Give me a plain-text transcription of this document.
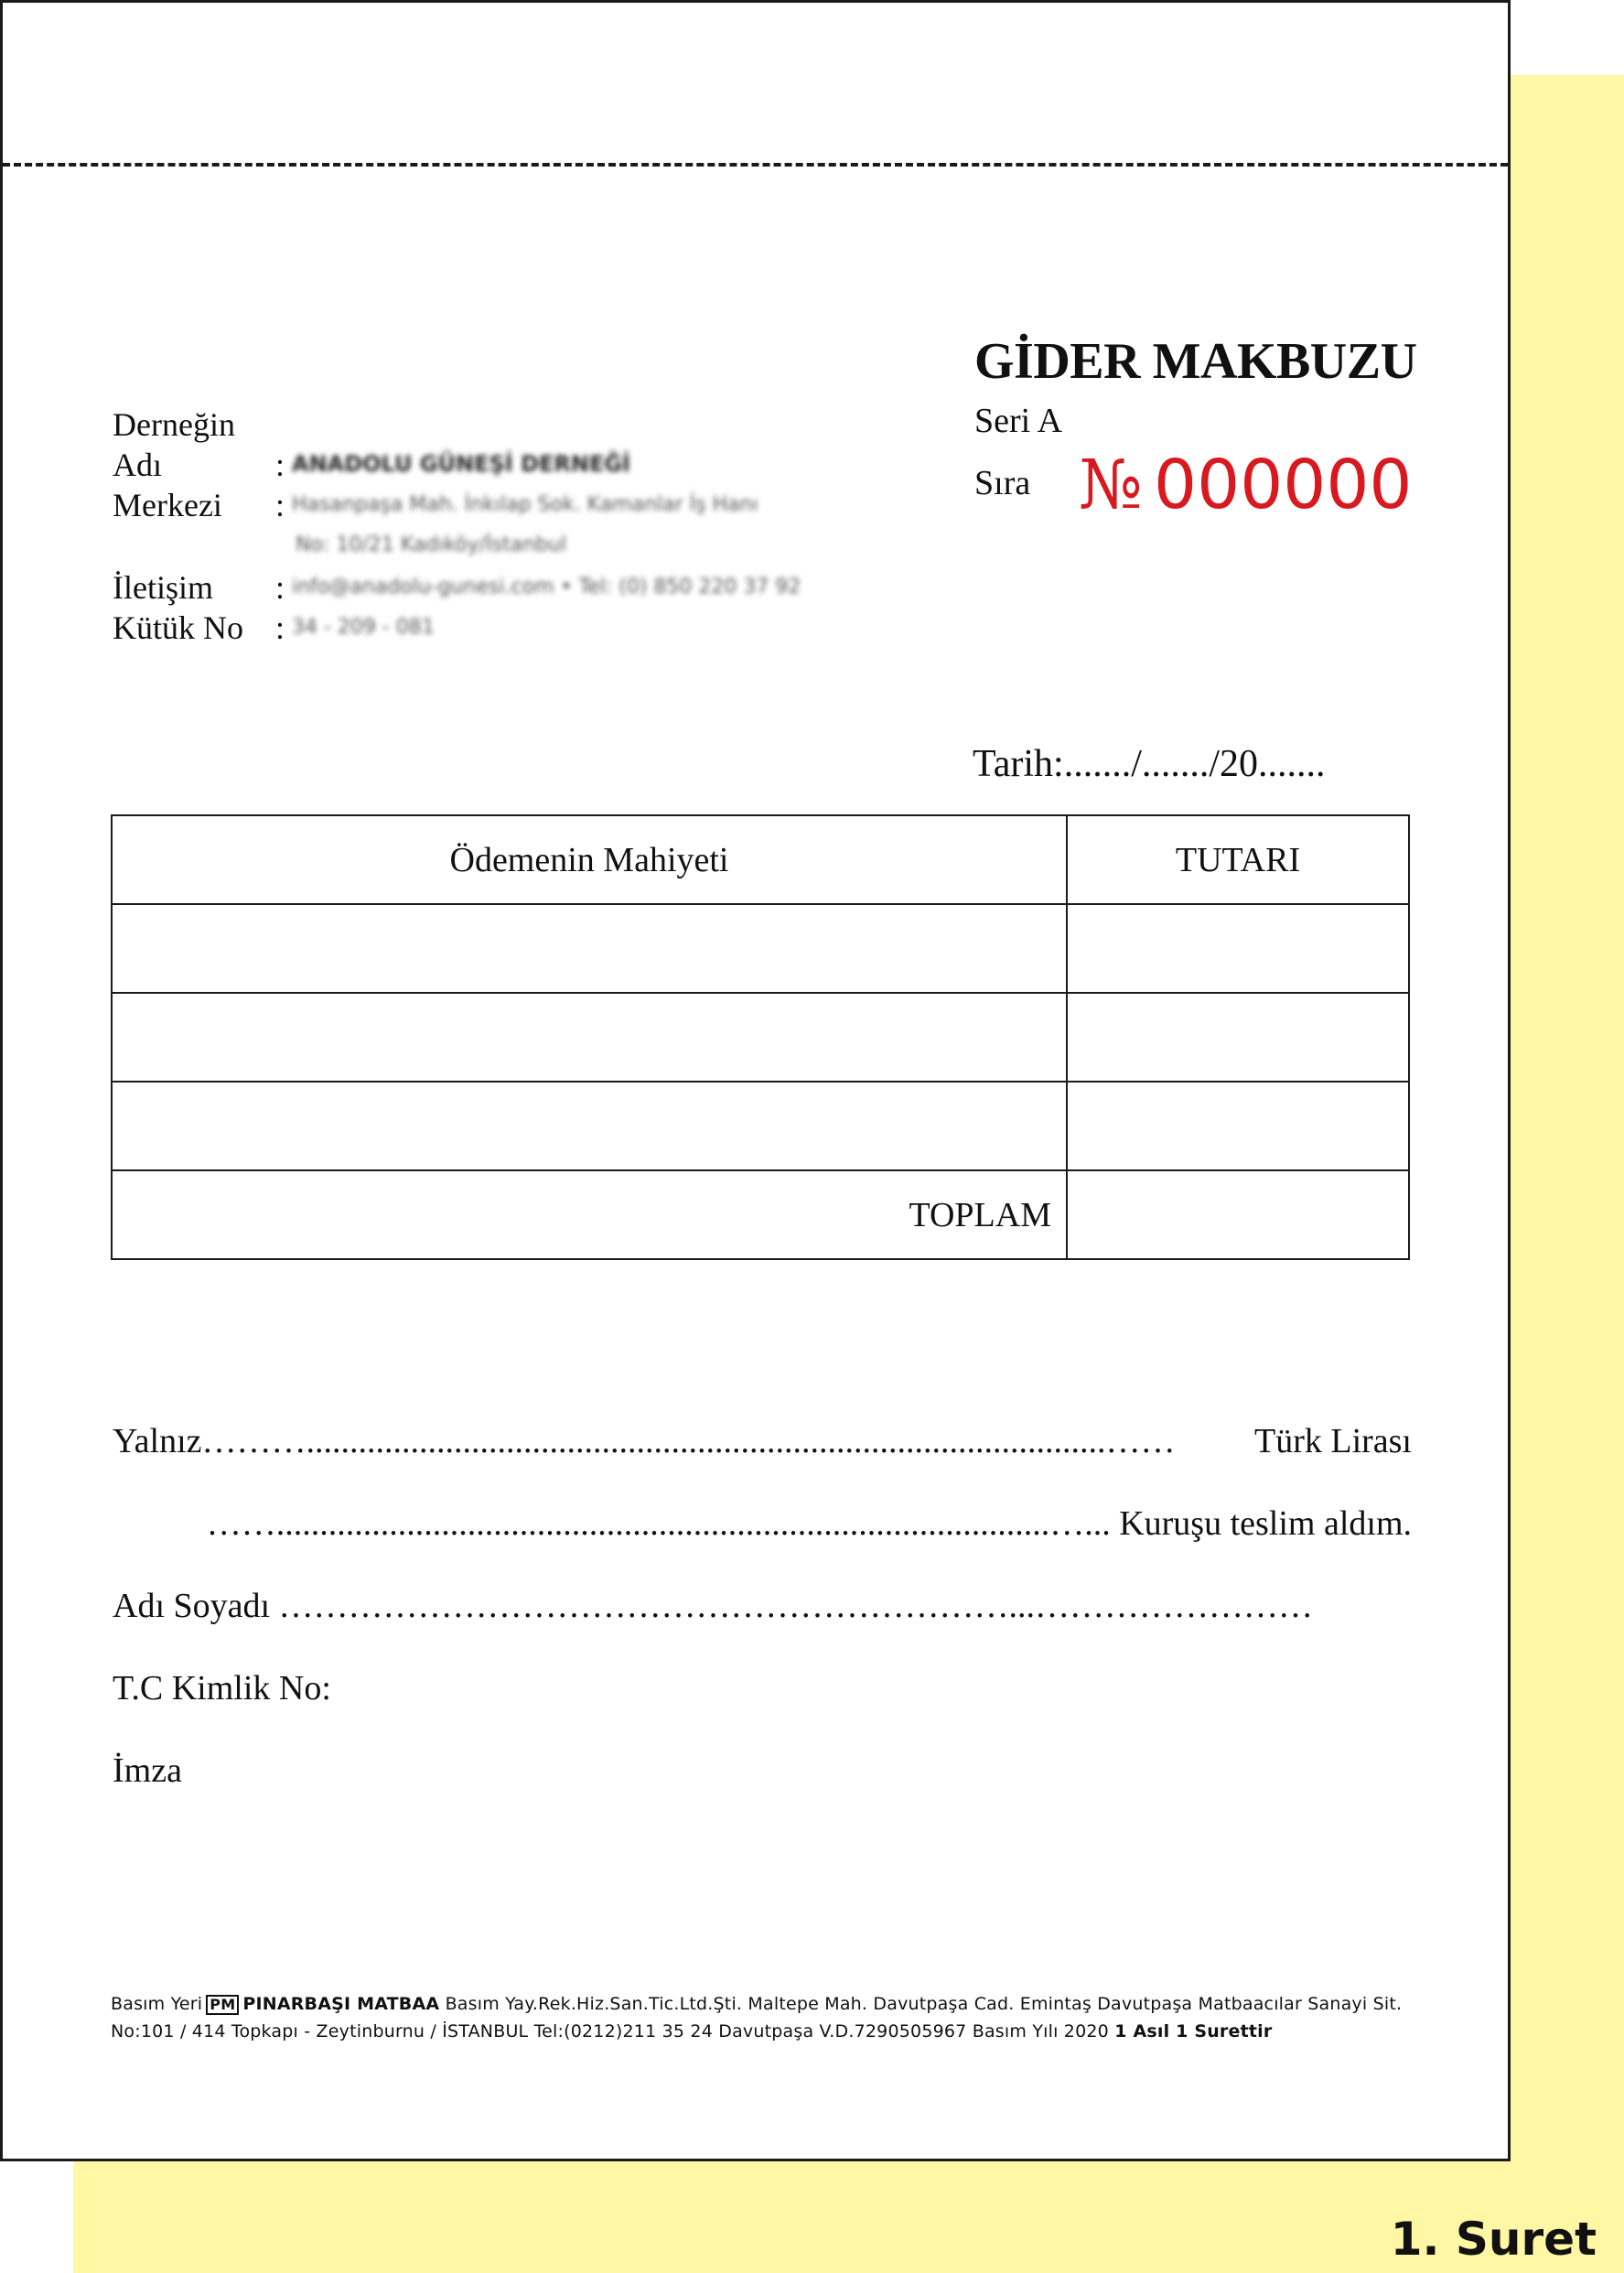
1. Suret
GİDER MAKBUZU
Seri A
Sıra № 000000
Derneğin
Adı	: ANADOLU GÜNEŞİ DERNEĞİ
Merkezi : Hasanpaşa Mah. İnkılap Sok. Kamanlar İş Hanı
No: 10/21 Kadıköy/İstanbul
İletişim : info@anadolu-gunesi.com • Tel: (0) 850 220 37 92
Kütük No : 34 - 209 - 081
Tarih:......./......./20.......
Ödemenin Mahiyeti	TUTARI

TOPLAM	
Yalnız………............................................................................................…… Türk Lirası
…….........................................................................................…... Kuruşu teslim aldım.
Adı Soyadı ………………………………………………………...……………………
T.C Kimlik No:
İmza
Basım Yeri PM PINARBAŞI MATBAA Basım Yay.Rek.Hiz.San.Tic.Ltd.Şti. Maltepe Mah. Davutpaşa Cad. Emintaş Davutpaşa Matbaacılar Sanayi Sit.
No:101 / 414 Topkapı - Zeytinburnu / İSTANBUL Tel:(0212)211 35 24 Davutpaşa V.D.7290505967 Basım Yılı 2020 1 Asıl 1 Surettir
